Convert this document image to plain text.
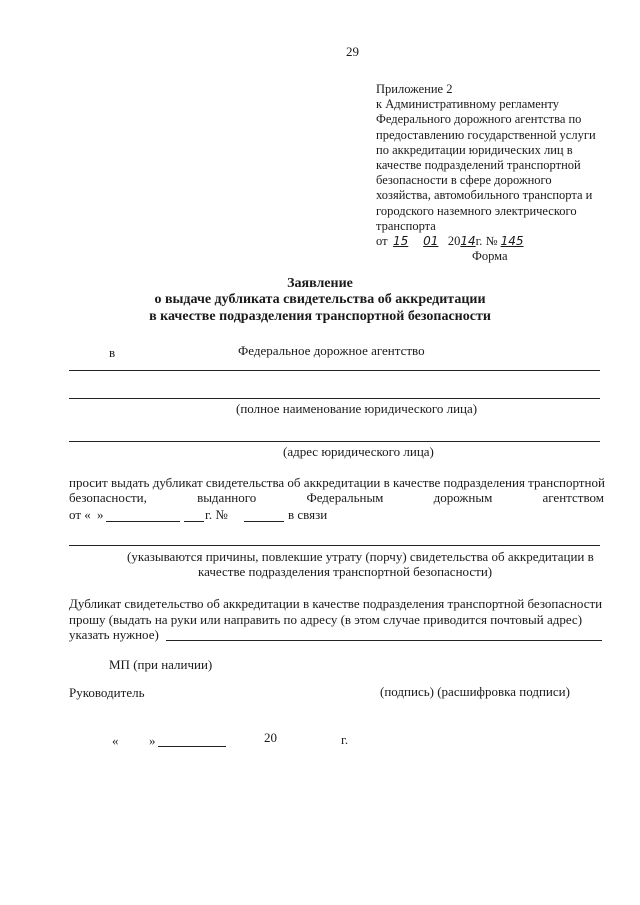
29
Приложение 2
к Административному регламенту
Федерального дорожного агентства по
предоставлению государственной услуги
по аккредитации юридических лиц в
качестве подразделений транспортной
безопасности в сфере дорожного
хозяйства, автомобильного транспорта и
городского наземного электрического
транспорта
от 15 01 2014г. № 145
Форма
Заявление
о выдаче дубликата свидетельства об аккредитации
в качестве подразделения транспортной безопасности
в	Федеральное дорожное агентство
(полное наименование юридического лица)
(адрес юридического лица)
просит выдать дубликат свидетельства об аккредитации в качестве подразделения транспортной
безопасности,	выданного	Федеральным	дорожным	агентством
от « »	г. №	в связи
(указываются причины, повлекшие утрату (порчу) свидетельства об аккредитации в
качестве подразделения транспортной безопасности)
Дубликат свидетельство об аккредитации в качестве подразделения транспортной безопасности
прошу (выдать на руки или направить по адресу (в этом случае приводится почтовый адрес)
указать нужное)
МП (при наличии)
Руководитель	(подпись) (расшифровка подписи)
« »	20	г.
